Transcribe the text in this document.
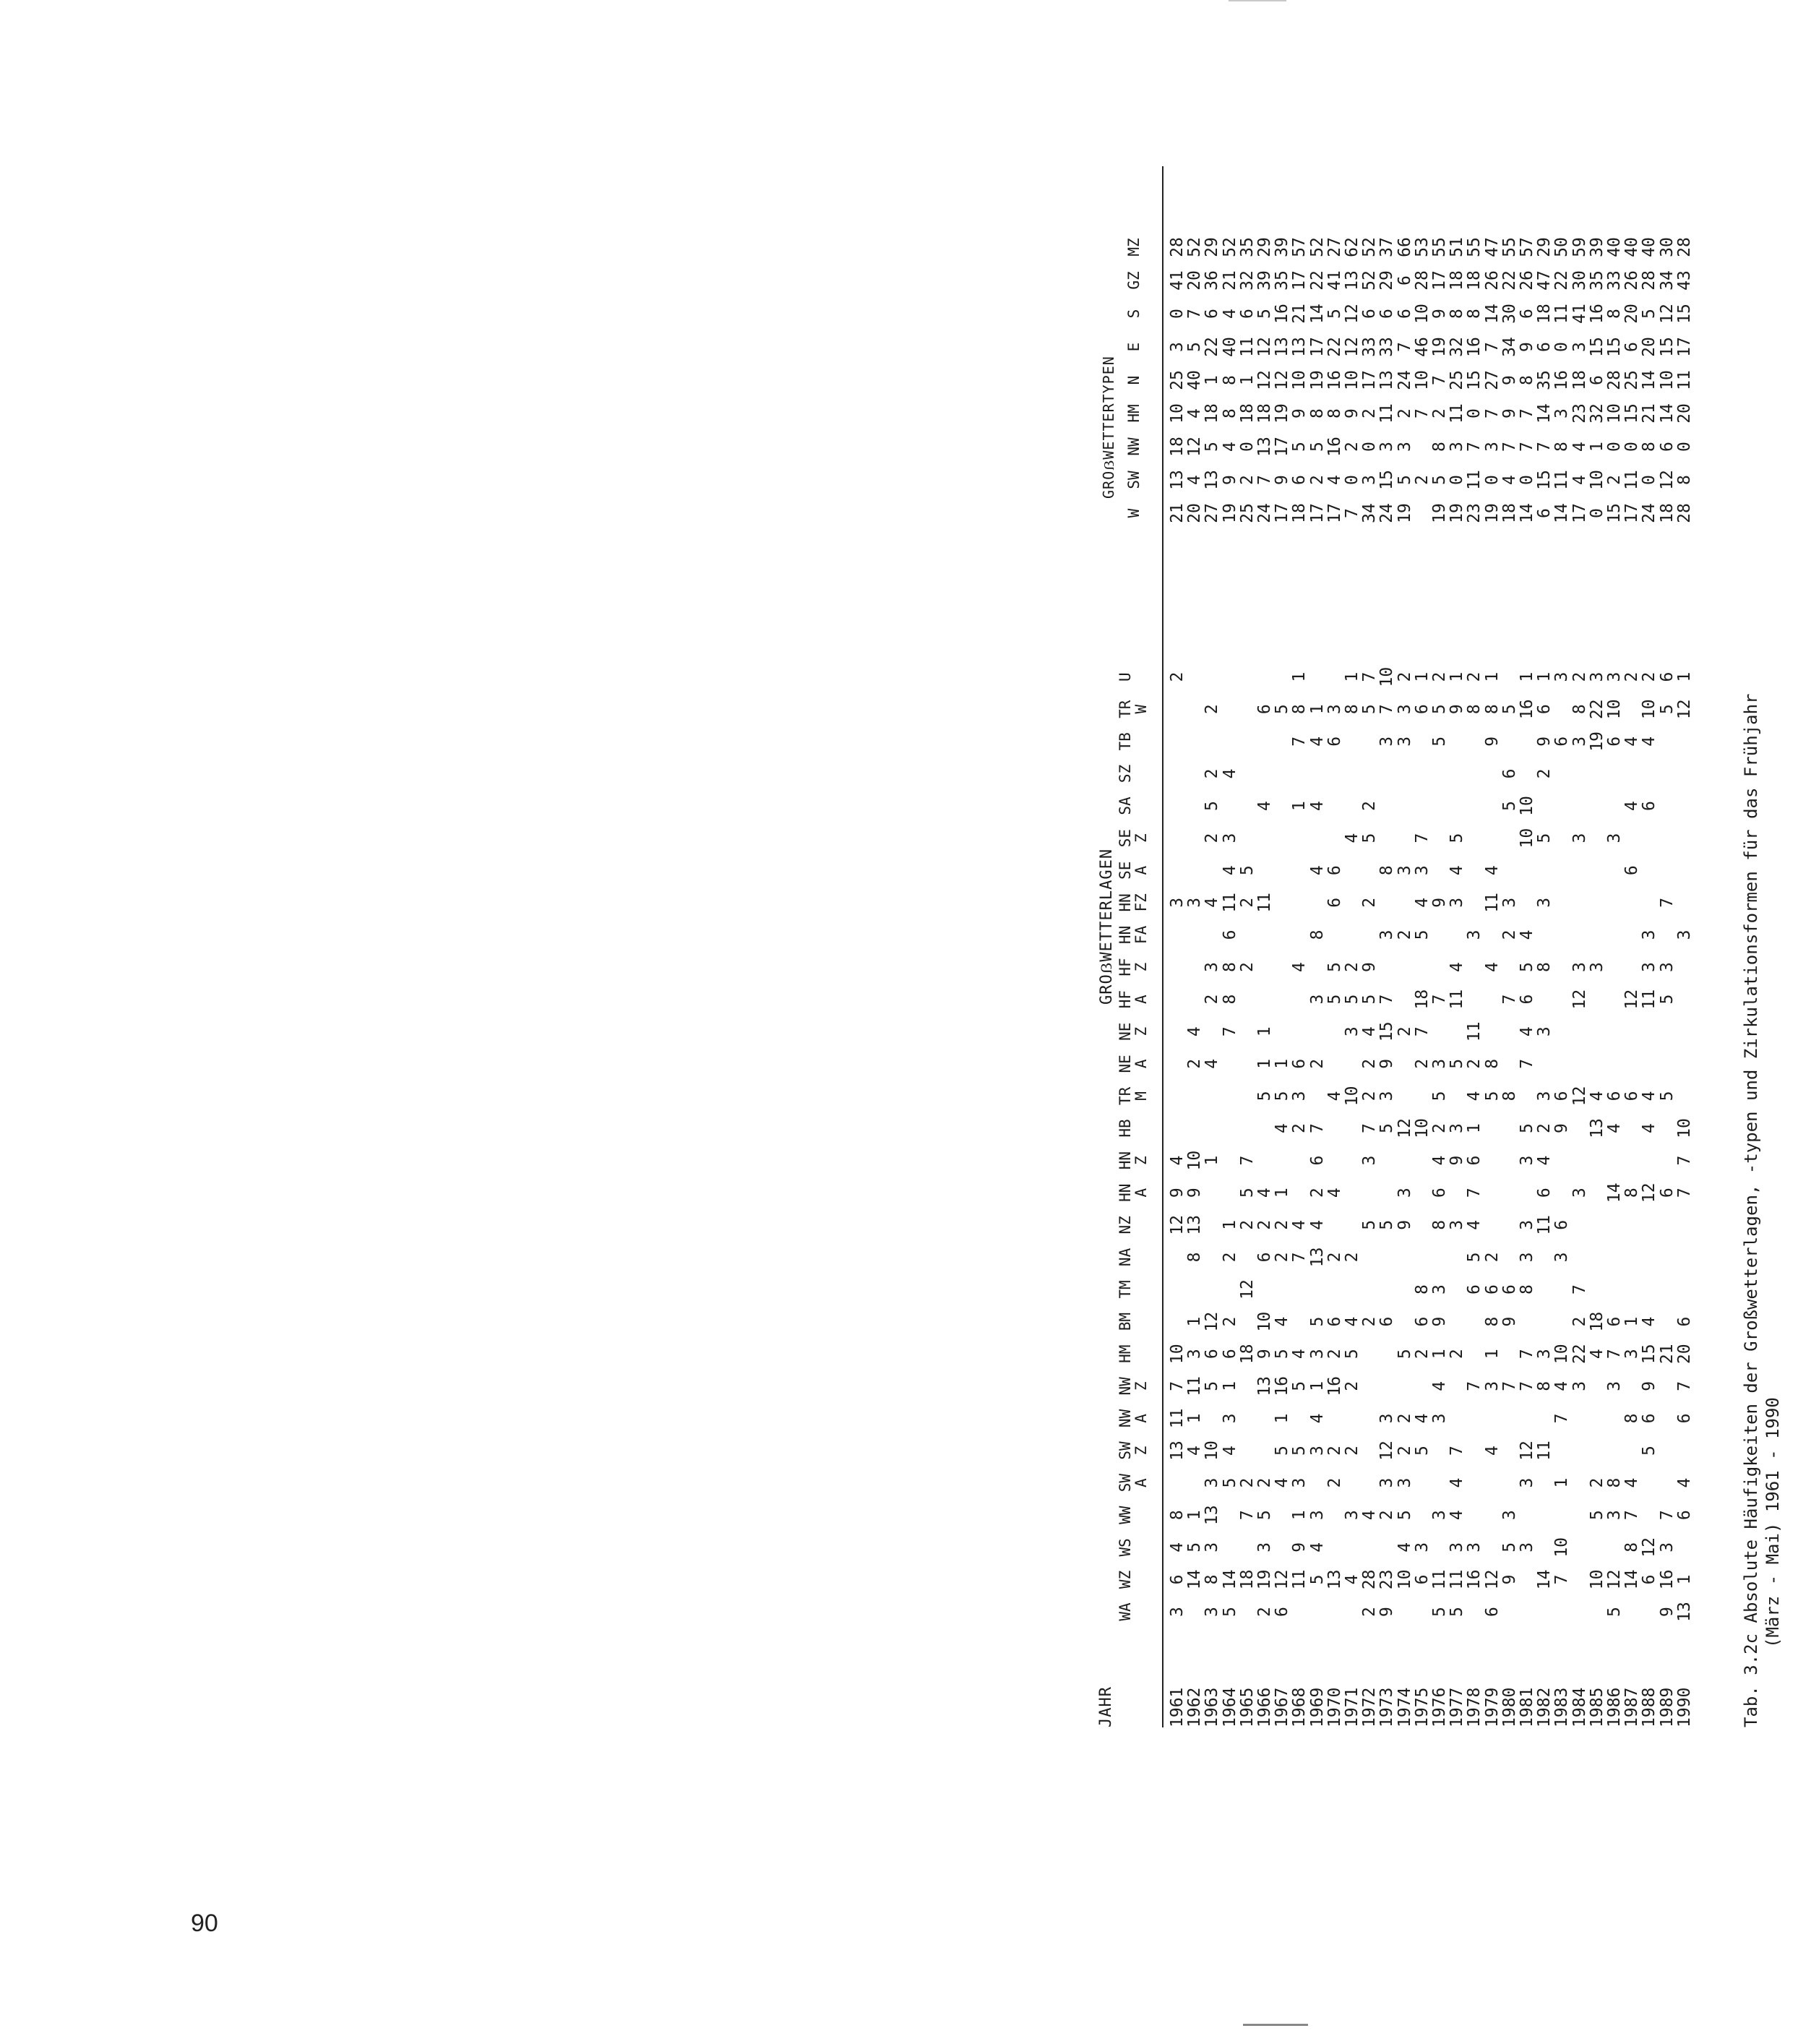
90
JAHR
GROẞWETTERLAGEN
GROẞWETTERTYPEN
WA
WZ
WS
WW
SW
A
SW
Z
NW
A
NW
Z
HM
BM
TM
NA
NZ
HN
A
HN
Z
HB
TR
M
NE
A
NE
Z
HF
A
HF
Z
HN
FA
HN
FZ
SE
A
SE
Z
SA
SZ
TB
TR
W
U
W
SW
NW
HM
N
E
S
GZ
MZ
1961
3
6
4
8
13
11
7
10
12
9
4
3
2
21
13
18
10
25
3
0
41
28
1962
14
5
1
4
1
11
3
1
8
13
9
10
2
4
3
20
4
12
4
40
5
7
20
52
1963
3
8
3
13
3
10
5
6
12
1
4
2
3
4
2
5
2
2
27
13
5
18
1
22
6
36
29
1964
5
14
5
4
3
1
6
2
2
1
7
8
8
6
11
4
3
4
19
9
4
8
8
40
4
21
52
1965
18
7
2
18
12
2
5
7
2
2
5
25
2
0
18
1
11
6
32
35
1966
2
19
3
5
2
13
9
10
6
2
4
5
1
1
11
4
6
24
7
13
18
12
12
5
39
29
1967
6
12
4
5
1
16
5
4
2
2
1
4
5
1
5
17
9
17
19
12
13
16
35
39
1968
11
9
1
3
5
5
4
7
4
2
3
6
4
1
7
8
1
18
6
5
9
10
13
21
17
57
1969
5
4
3
3
4
1
3
5
13
4
2
6
7
2
3
8
4
4
4
1
17
2
5
8
19
17
14
22
52
1970
13
2
2
16
2
6
2
4
4
5
5
6
6
6
3
17
4
16
8
16
22
5
41
27
1971
4
3
2
2
5
4
2
10
3
5
2
4
8
1
7
0
2
9
10
12
12
13
62
1972
2
28
4
2
5
3
7
2
2
4
5
9
2
5
2
5
7
34
3
0
2
17
33
6
52
52
1973
9
23
2
3
12
3
6
5
5
3
9
15
7
3
8
3
7
10
24
15
3
11
13
33
6
29
37
1974
10
4
5
3
2
2
5
9
3
12
2
2
3
3
3
2
19
5
3
2
24
7
6
6
66
1975
6
3
5
4
2
6
8
10
2
7
18
5
4
3
7
6
1
2
7
10
46
10
28
53
1976
5
11
3
3
4
1
9
3
8
6
4
2
5
3
7
9
5
5
2
19
5
8
2
7
19
9
17
55
1977
5
11
3
4
4
7
2
3
9
3
5
11
4
3
4
5
9
1
19
0
3
11
25
32
8
18
51
1978
16
3
7
6
5
4
7
6
1
4
2
11
3
8
2
23
11
7
0
15
16
8
18
55
1979
6
12
4
3
1
8
6
2
5
8
4
11
4
9
8
1
19
0
3
7
27
7
14
26
47
1980
9
5
3
7
9
6
8
7
2
3
5
6
5
18
4
7
9
9
34
30
22
55
1981
3
3
12
7
7
8
3
3
3
5
7
4
6
5
4
10
10
16
1
14
0
7
7
8
9
6
26
57
1982
14
11
8
3
11
6
4
2
3
3
8
3
5
2
9
6
1
6
15
7
14
35
6
18
47
29
1983
7
10
1
7
4
10
3
6
9
6
6
3
14
11
8
3
16
0
11
22
50
1984
3
22
2
7
3
12
12
3
3
3
8
2
17
4
4
23
18
3
41
30
59
1985
10
5
2
4
18
13
4
3
19
22
3
0
10
1
32
6
15
16
35
39
1986
5
12
3
8
3
7
6
14
4
6
3
6
10
3
15
2
0
10
28
15
8
33
40
1987
14
8
7
4
8
3
1
8
6
12
6
4
4
2
17
11
0
15
25
6
20
26
40
1988
6
12
5
6
9
15
4
12
4
4
11
3
3
6
4
10
2
24
0
8
21
14
20
5
28
40
1989
9
16
3
7
21
6
5
5
3
7
5
6
18
12
6
14
10
15
12
34
30
1990
13
1
6
4
6
7
20
6
7
7
10
3
12
1
28
8
0
20
11
17
15
43
28
Tab. 3.2c Absolute Häufigkeiten der Großwetterlagen, -typen und Zirkulationsformen für das Frühjahr (März - Mai) 1961 - 1990
